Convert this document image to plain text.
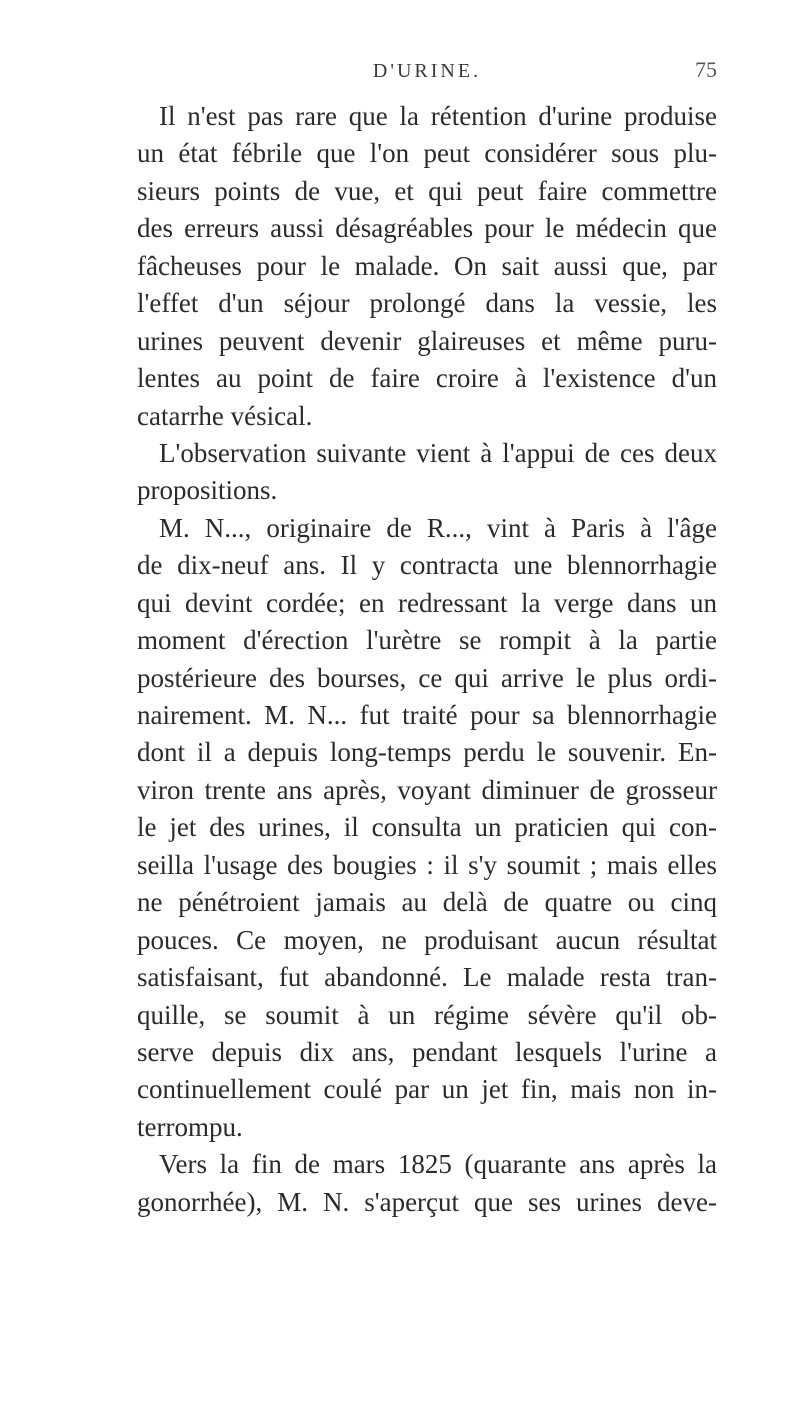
D'URINE.	75
Il n'est pas rare que la rétention d'urine produise
un état fébrile que l'on peut considérer sous plu-
sieurs points de vue, et qui peut faire commettre
des erreurs aussi désagréables pour le médecin que
fâcheuses pour le malade. On sait aussi que, par
l'effet d'un séjour prolongé dans la vessie, les
urines peuvent devenir glaireuses et même puru-
lentes au point de faire croire à l'existence d'un
catarrhe vésical.
L'observation suivante vient à l'appui de ces deux
propositions.
M. N..., originaire de R..., vint à Paris à l'âge
de dix-neuf ans. Il y contracta une blennorrhagie
qui devint cordée; en redressant la verge dans un
moment d'érection l'urètre se rompit à la partie
postérieure des bourses, ce qui arrive le plus ordi-
nairement. M. N... fut traité pour sa blennorrhagie
dont il a depuis long-temps perdu le souvenir. En-
viron trente ans après, voyant diminuer de grosseur
le jet des urines, il consulta un praticien qui con-
seilla l'usage des bougies : il s'y soumit ; mais elles
ne pénétroient jamais au delà de quatre ou cinq
pouces. Ce moyen, ne produisant aucun résultat
satisfaisant, fut abandonné. Le malade resta tran-
quille, se soumit à un régime sévère qu'il ob-
serve depuis dix ans, pendant lesquels l'urine a
continuellement coulé par un jet fin, mais non in-
terrompu.
Vers la fin de mars 1825 (quarante ans après la
gonorrhée), M. N. s'aperçut que ses urines deve-
